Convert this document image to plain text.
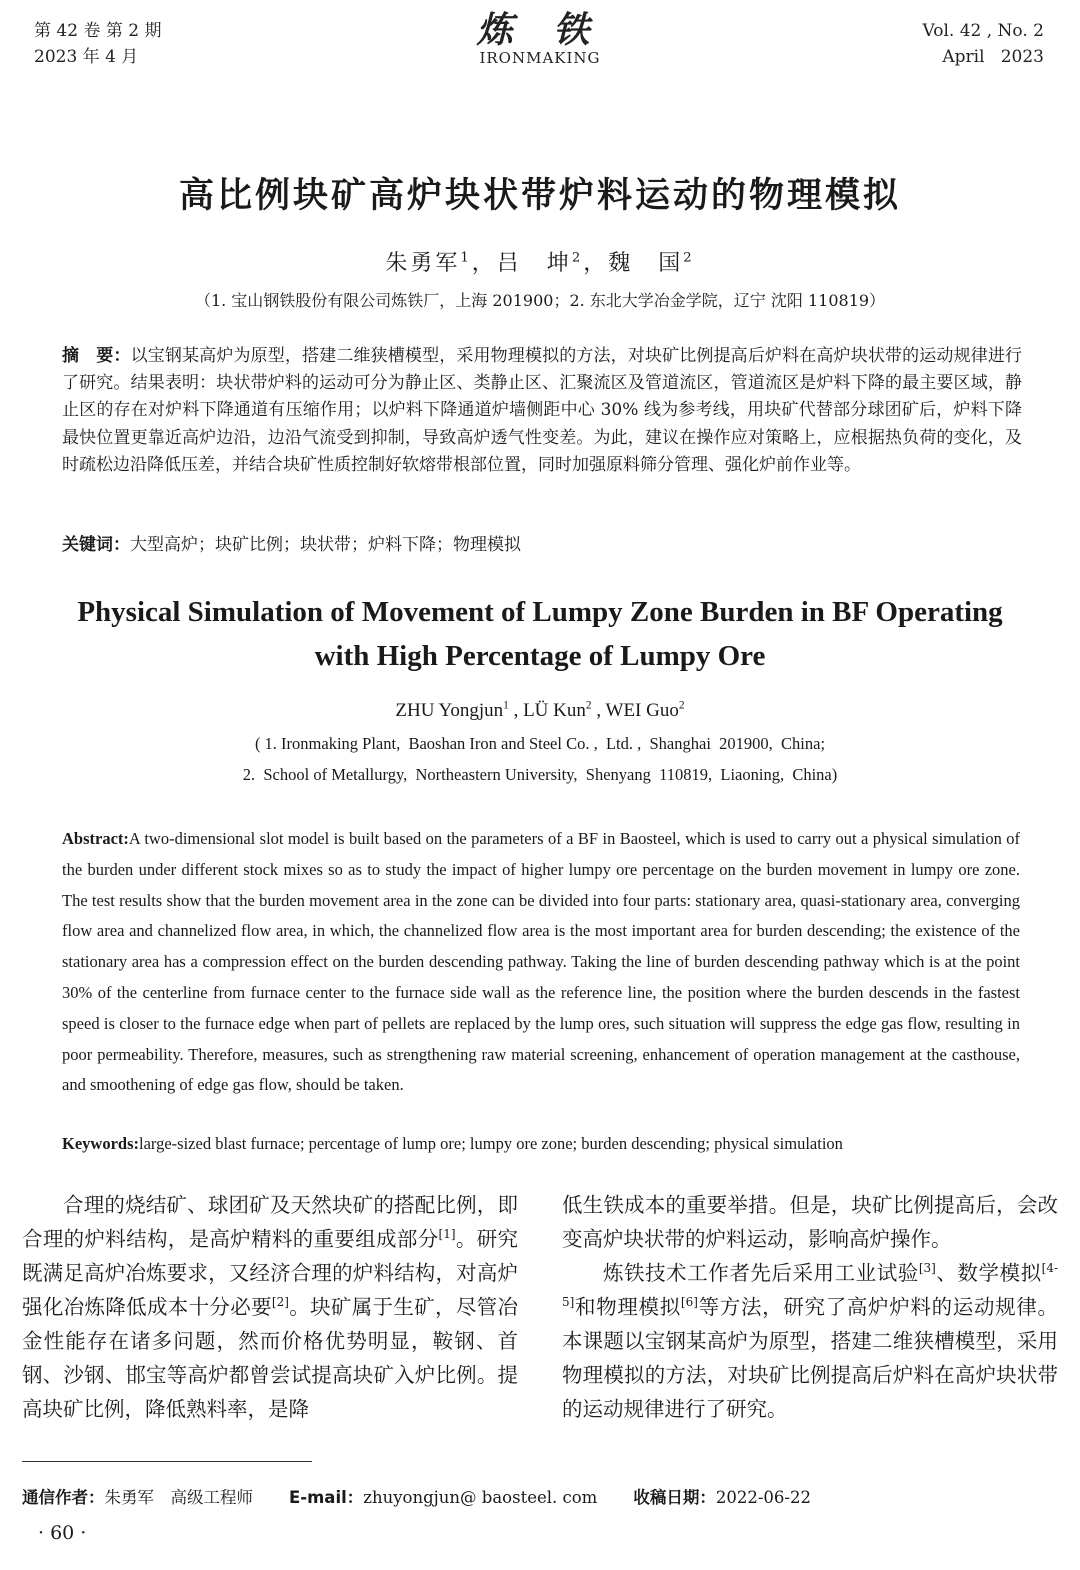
第 42 卷 第 2 期
2023 年 4 月
炼 铁
IRONMAKING
Vol. 42 , No. 2
April   2023
高比例块矿高炉块状带炉料运动的物理模拟
朱勇军$^1$，吕　坤$^2$，魏　国$^2$
（1. 宝山钢铁股份有限公司炼铁厂，上海 201900；2. 东北大学冶金学院，辽宁 沈阳 110819）
摘　要：以宝钢某高炉为原型，搭建二维狭槽模型，采用物理模拟的方法，对块矿比例提高后炉料在高炉块状带的运动规律进行了研究。结果表明：块状带炉料的运动可分为静止区、类静止区、汇聚流区及管道流区，管道流区是炉料下降的最主要区域，静止区的存在对炉料下降通道有压缩作用；以炉料下降通道炉墙侧距中心 30% 线为参考线，用块矿代替部分球团矿后，炉料下降最快位置更靠近高炉边沿，边沿气流受到抑制，导致高炉透气性变差。为此，建议在操作应对策略上，应根据热负荷的变化，及时疏松边沿降低压差，并结合块矿性质控制好软熔带根部位置，同时加强原料筛分管理、强化炉前作业等。
关键词：大型高炉；块矿比例；块状带；炉料下降；物理模拟
Physical Simulation of Movement of Lumpy Zone Burden in BF Operating
with High Percentage of Lumpy Ore
ZHU Yongjun$^1$ , LÜ Kun$^2$ , WEI Guo$^2$
( 1. Ironmaking Plant,  Baoshan Iron and Steel Co. ,  Ltd. ,  Shanghai  201900,  China;
2.  School of Metallurgy,  Northeastern University,  Shenyang  110819,  Liaoning,  China)
Abstract:A two-dimensional slot model is built based on the parameters of a BF in Baosteel, which is used to carry out a physical simulation of the burden under different stock mixes so as to study the impact of higher lumpy ore percentage on the burden movement in lumpy ore zone. The test results show that the burden movement area in the zone can be divided into four parts: stationary area, quasi-stationary area, converging flow area and channelized flow area, in which, the channelized flow area is the most important area for burden descending; the existence of the stationary area has a compression effect on the burden descending pathway. Taking the line of burden descending pathway which is at the point 30% of the centerline from furnace center to the furnace side wall as the reference line, the position where the burden descends in the fastest speed is closer to the furnace edge when part of pellets are replaced by the lump ores, such situation will suppress the edge gas flow, resulting in poor permeability. Therefore, measures, such as strengthening raw material screening, enhancement of operation management at the casthouse, and smoothening of edge gas flow, should be taken.
Keywords:large-sized blast furnace; percentage of lump ore; lumpy ore zone; burden descending; physical simulation

合理的烧结矿、球团矿及天然块矿的搭配比例，即合理的炉料结构，是高炉精料的重要组成部分[1]。研究既满足高炉冶炼要求，又经济合理的炉料结构，对高炉强化冶炼降低成本十分必要[2]。块矿属于生矿，尽管冶金性能存在诸多问题，然而价格优势明显，鞍钢、首钢、沙钢、邯宝等高炉都曾尝试提高块矿入炉比例。提高块矿比例，降低熟料率，是降

低生铁成本的重要举措。但是，块矿比例提高后，会改变高炉块状带的炉料运动，影响高炉操作。

炼铁技术工作者先后采用工业试验[3]、数学模拟[4-5]和物理模拟[6]等方法，研究了高炉炉料的运动规律。本课题以宝钢某高炉为原型，搭建二维狭槽模型，采用物理模拟的方法，对块矿比例提高后炉料在高炉块状带的运动规律进行了研究。

通信作者：朱勇军　高级工程师 E-mail：zhuyongjun@ baosteel. com 收稿日期：2022-06-22
· 60 ·
